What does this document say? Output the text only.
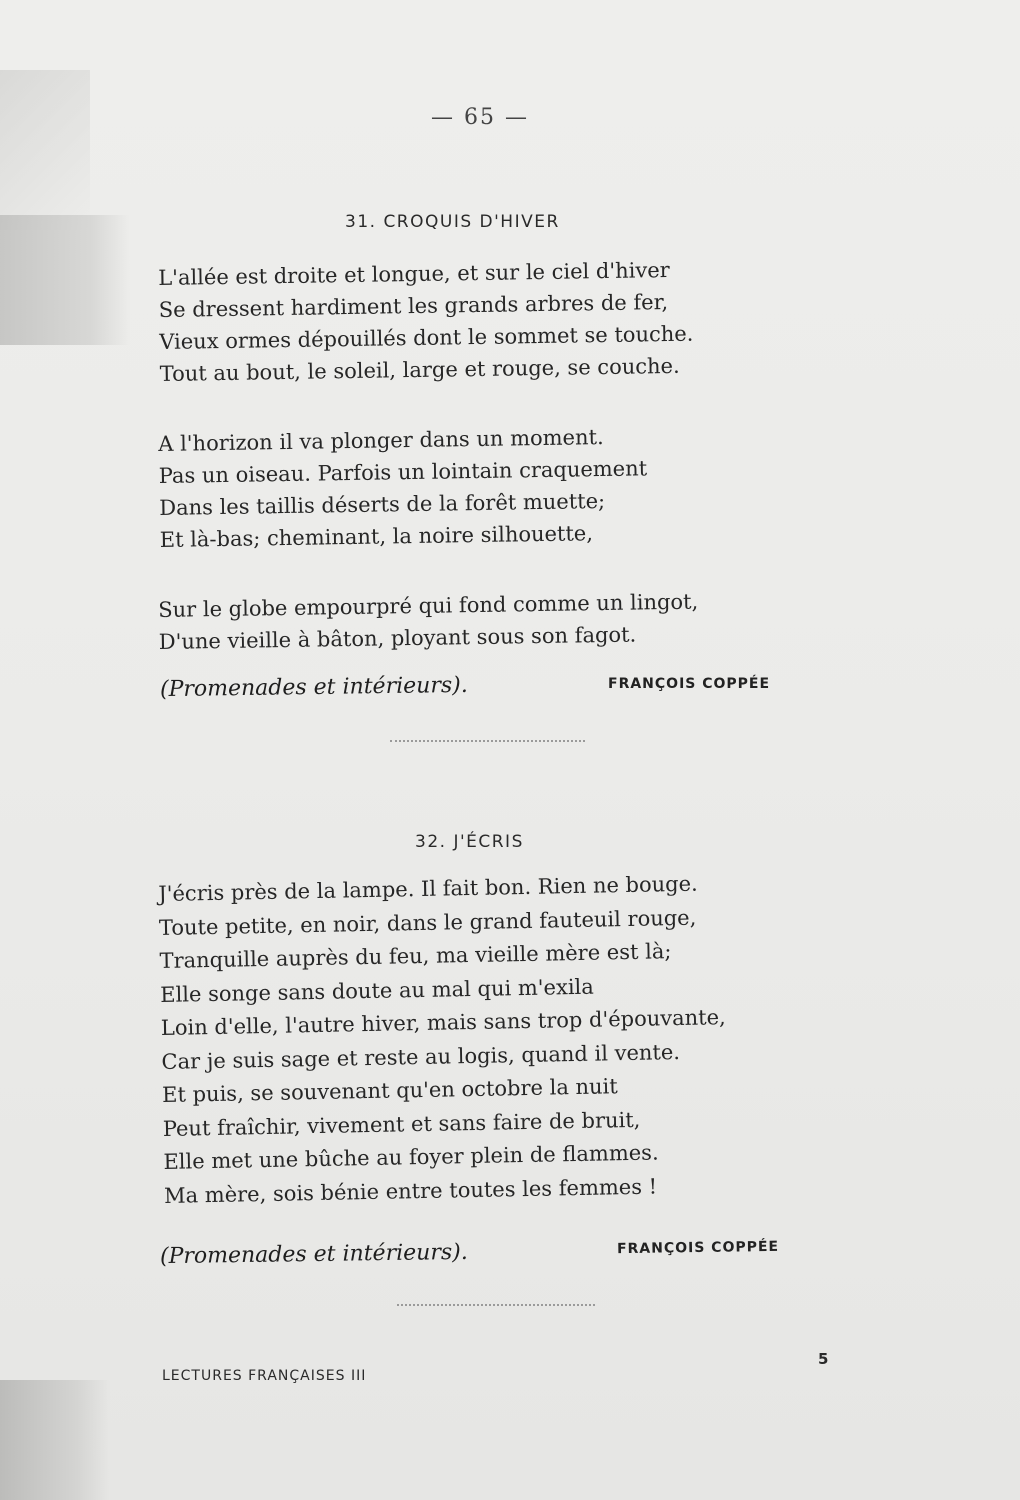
— 65 —
31. CROQUIS D'HIVER
L'allée est droite et longue, et sur le ciel d'hiver
Se dressent hardiment les grands arbres de fer,
Vieux ormes dépouillés dont le sommet se touche.
Tout au bout, le soleil, large et rouge, se couche.
A l'horizon il va plonger dans un moment.
Pas un oiseau. Parfois un lointain craquement
Dans les taillis déserts de la forêt muette;
Et là-bas; cheminant, la noire silhouette,
Sur le globe empourpré qui fond comme un lingot,
D'une vieille à bâton, ployant sous son fagot.
(Promenades et intérieurs).	FRANÇOIS COPPÉE
32. J'ÉCRIS
J'écris près de la lampe. Il fait bon. Rien ne bouge.
Toute petite, en noir, dans le grand fauteuil rouge,
Tranquille auprès du feu, ma vieille mère est là;
Elle songe sans doute au mal qui m'exila
Loin d'elle, l'autre hiver, mais sans trop d'épouvante,
Car je suis sage et reste au logis, quand il vente.
Et puis, se souvenant qu'en octobre la nuit
Peut fraîchir, vivement et sans faire de bruit,
Elle met une bûche au foyer plein de flammes.
Ma mère, sois bénie entre toutes les femmes !
(Promenades et intérieurs).	FRANÇOIS COPPÉE
LECTURES FRANÇAISES III
5
